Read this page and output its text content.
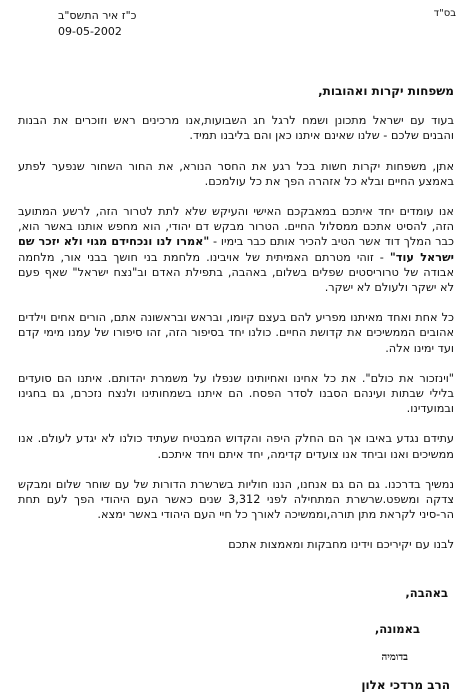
בס"ד
כ"ז איר התשס"ב
09-05-2002

משפחות יקרות ואהובות,

בעוד עם ישראל מתכונן ושמח לרגל חג השבועות,אנו מרכינים ראש וזוכרים את הבנות והבנים שלכם - שלנו שאינם איתנו כאן והם בליבנו תמיד.

אתן, משפחות יקרות חשות בכל רגע את החסר הנורא, את החור השחור שנפער לפתע באמצע החיים ובלא כל אזהרה הפך את כל עולמכם.

אנו עומדים יחד איתכם במאבקכם האישי והעיקש שלא לתת לטרור הזה, לרשע המתועב הזה, להסיט אתכם ממסלול החיים. הטרור מבקש דם יהודי, הוא מחפש אותנו באשר הוא, כבר המלך דוד אשר הטיב להכיר אותם כבר בימיו - "אמרו לנו ונכחידם מגוי ולא יזכר שם ישראל עוד" - זוהי מטרתם האמיתית של אויבינו. מלחמת בני חושך בבני אור, מלחמה אבודה של טרוריסטים שפלים בשלום, באהבה, בתפילת האדם וב"נצח ישראל" שאף פעם לא ישקר ולעולם לא ישקר.

כל אחת ואחד מאיתנו מפריע להם בעצם קיומו, ובראש ובראשונה אתם, הורים אחים וילדים אהובים הממשיכים את קדושת החיים. כולנו יחד בסיפור הזה, זהו סיפורו של עמנו מימי קדם ועד ימינו אלה.

"וינזכור את כולם". את כל אחינו ואחיותינו שנפלו על משמרת יהדותם. איתנו הם סועדים בלילי שבתות ועינהם הסבנו לסדר הפסח. הם איתנו בשמחותינו ולנצח נזכרם, גם בחגינו ובמועדינו.

עתידם נגדע באיבו אך הם החלק היפה והקדוש המבטיח שעתיד כולנו לא יגדע לעולם. אנו ממשיכים ואנו וביחד אנו צועדים קדימה, יחד איתם ויחד איתכם.

נמשיך בדרכנו. גם הם גם אנחנו, הננו חוליות בשרשרת הדורות של עם שוחר שלום ומבקש צדקה ומשפט.שרשרת המתחילה לפני 3,312 שנים כאשר העם היהודי הפך לעם תחת הר-סיני לקראת מתן תורה,וממשיכה לאורך כל חיי העם היהודי באשר ימצא.

לבנו עם יקיריכם וידינו מחבקות ומאמצות אתכם

באהבה,
באמונה,
בדומיה
הרב מרדכי אלון
